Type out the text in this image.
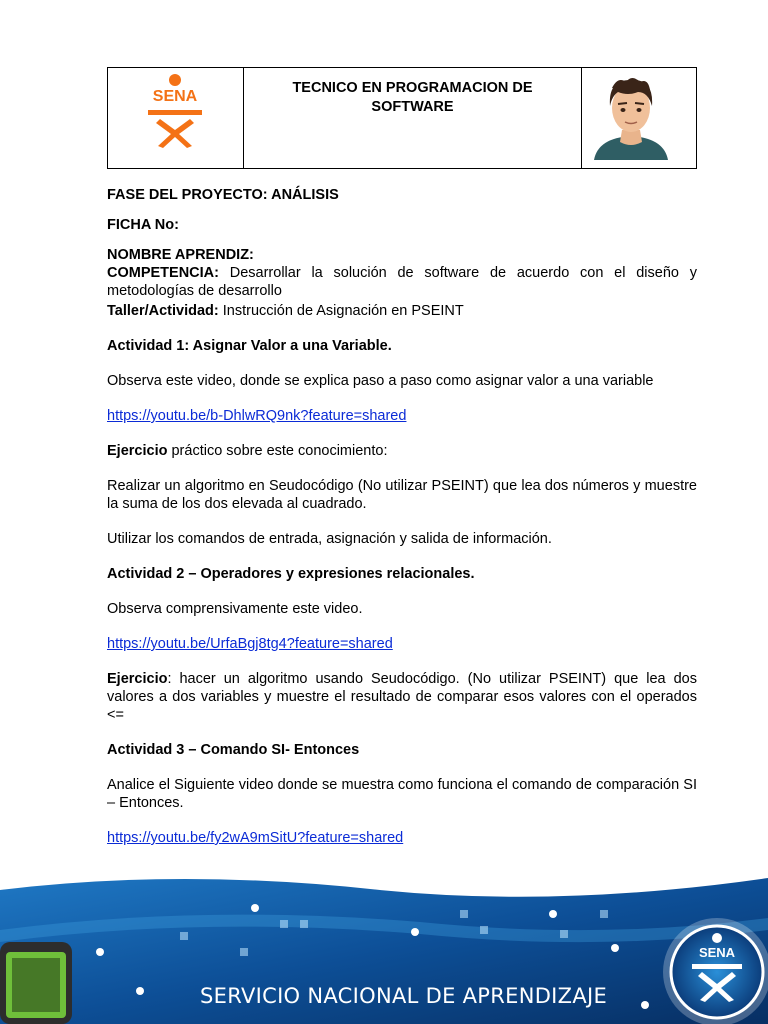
SENA	TECNICO EN PROGRAMACION DE
SOFTWARE

FASE DEL PROYECTO: ANÁLISIS

FICHA No:

NOMBRE APRENDIZ:

COMPETENCIA: Desarrollar la solución de software de acuerdo con el diseño y metodologías de desarrollo

Taller/Actividad: Instrucción de Asignación en PSEINT

Actividad 1: Asignar Valor a una Variable.

Observa este video, donde se explica paso a paso como asignar valor a una variable

https://youtu.be/b-DhlwRQ9nk?feature=shared

Ejercicio práctico sobre este conocimiento:

Realizar un algoritmo en Seudocódigo (No utilizar PSEINT) que lea dos números y muestre la suma de los dos elevada al cuadrado.

Utilizar los comandos de entrada, asignación y salida de información.

Actividad 2 – Operadores y expresiones relacionales.

Observa comprensivamente este video.

https://youtu.be/UrfaBgj8tg4?feature=shared

Ejercicio: hacer un algoritmo usando Seudocódigo. (No utilizar PSEINT) que lea dos valores a dos variables y muestre el resultado de comparar esos valores con el operados <=

Actividad 3 – Comando SI- Entonces

Analice el Siguiente video donde se muestra como funciona el comando de comparación SI – Entonces.

https://youtu.be/fy2wA9mSitU?feature=shared

SENA
SERVICIO NACIONAL DE APRENDIZAJE
